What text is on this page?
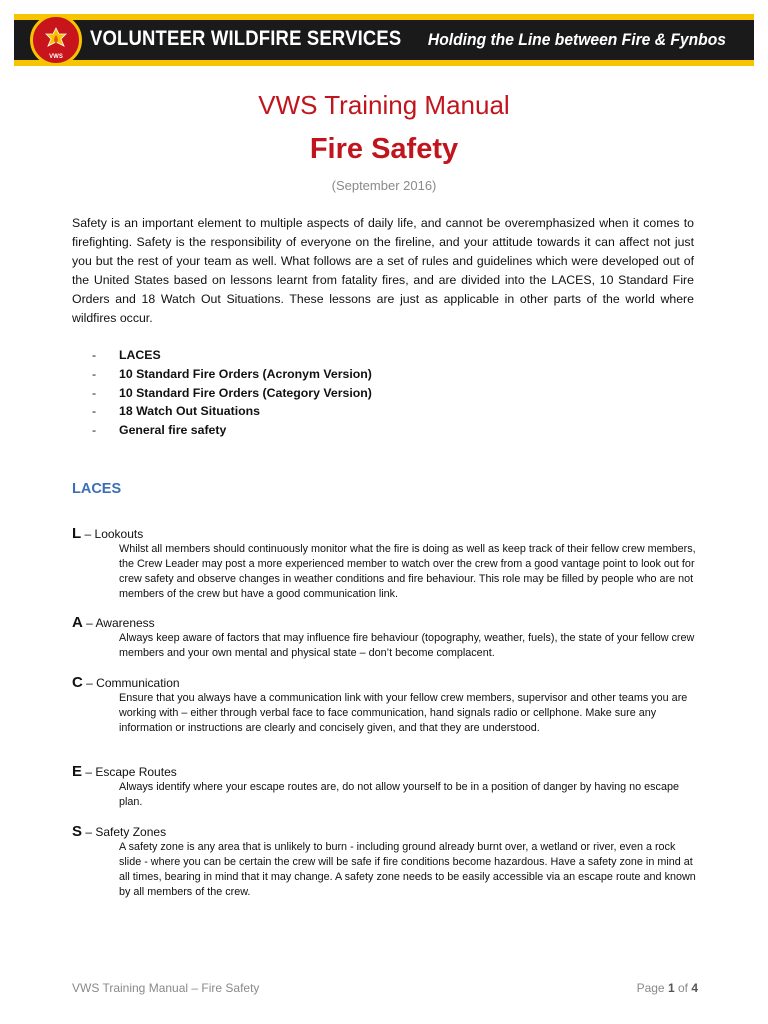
VOLUNTEER WILDFIRE SERVICES Holding the Line between Fire & Fynbos
VWS
VWS Training Manual
Fire Safety
(September 2016)
Safety is an important element to multiple aspects of daily life, and cannot be overemphasized when it comes to firefighting. Safety is the responsibility of everyone on the fireline, and your attitude towards it can affect not just you but the rest of your team as well. What follows are a set of rules and guidelines which were developed out of the United States based on lessons learnt from fatality fires, and are divided into the LACES, 10 Standard Fire Orders and 18 Watch Out Situations. These lessons are just as applicable in other parts of the world where wildfires occur.
- LACES
- 10 Standard Fire Orders (Acronym Version)
- 10 Standard Fire Orders (Category Version)
- 18 Watch Out Situations
- General fire safety
LACES
L – Lookouts
Whilst all members should continuously monitor what the fire is doing as well as keep track of their fellow crew members, the Crew Leader may post a more experienced member to watch over the crew from a good vantage point to look out for crew safety and observe changes in weather conditions and fire behaviour. This role may be filled by people who are not members of the crew but have a good communication link.
A – Awareness
Always keep aware of factors that may influence fire behaviour (topography, weather, fuels), the state of your fellow crew members and your own mental and physical state – don’t become complacent.
C – Communication
Ensure that you always have a communication link with your fellow crew members, supervisor and other teams you are working with – either through verbal face to face communication, hand signals radio or cellphone. Make sure any information or instructions are clearly and concisely given, and that they are understood.
E – Escape Routes
Always identify where your escape routes are, do not allow yourself to be in a position of danger by having no escape plan.
S – Safety Zones
A safety zone is any area that is unlikely to burn - including ground already burnt over, a wetland or river, even a rock slide - where you can be certain the crew will be safe if fire conditions become hazardous. Have a safety zone in mind at all times, bearing in mind that it may change. A safety zone needs to be easily accessible via an escape route and known by all members of the crew.
VWS Training Manual – Fire Safety	Page 1 of 4
